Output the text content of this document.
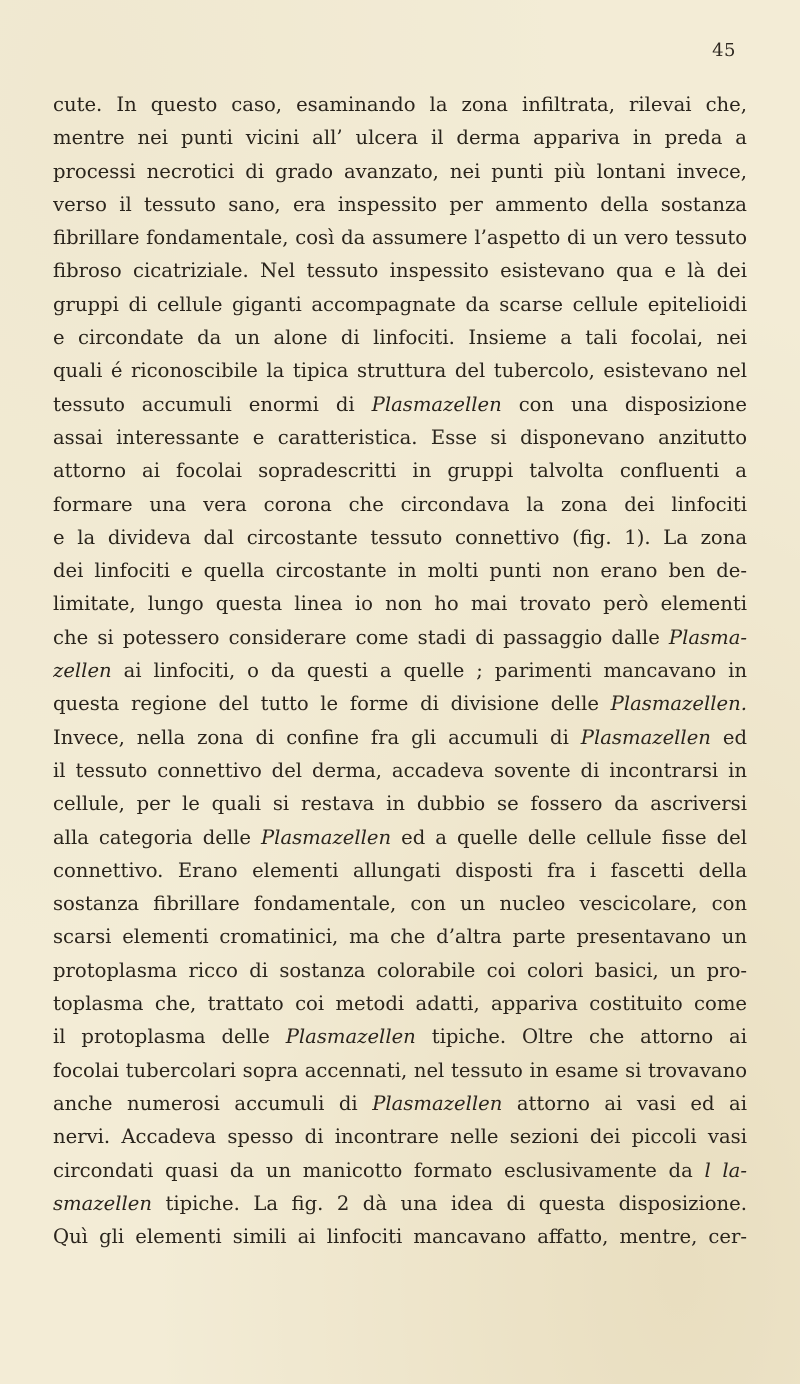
45
cute. In questo caso, esaminando la zona infiltrata, rilevai che,
mentre nei punti vicini all’ ulcera il derma appariva in preda a
processi necrotici di grado avanzato, nei punti più lontani invece,
verso il tessuto sano, era inspessito per ammento della sostanza
fibrillare fondamentale, così da assumere l’aspetto di un vero tessuto
fibroso cicatriziale. Nel tessuto inspessito esistevano qua e là dei
gruppi di cellule giganti accompagnate da scarse cellule epitelioidi
e circondate da un alone di linfociti. Insieme a tali focolai, nei
quali é riconoscibile la tipica struttura del tubercolo, esistevano nel
tessuto accumuli enormi di Plasmazellen con una disposizione
assai interessante e caratteristica. Esse si disponevano anzitutto
attorno ai focolai sopradescritti in gruppi talvolta confluenti a
formare una vera corona che circondava la zona dei linfociti
e la divideva dal circostante tessuto connettivo (fig. 1). La zona
dei linfociti e quella circostante in molti punti non erano ben de-
limitate, lungo questa linea io non ho mai trovato però elementi
che si potessero considerare come stadi di passaggio dalle Plasma-
zellen ai linfociti, o da questi a quelle ; parimenti mancavano in
questa regione del tutto le forme di divisione delle Plasmazellen.
Invece, nella zona di confine fra gli accumuli di Plasmazellen ed
il tessuto connettivo del derma, accadeva sovente di incontrarsi in
cellule, per le quali si restava in dubbio se fossero da ascriversi
alla categoria delle Plasmazellen ed a quelle delle cellule fisse del
connettivo. Erano elementi allungati disposti fra i fascetti della
sostanza fibrillare fondamentale, con un nucleo vescicolare, con
scarsi elementi cromatinici, ma che d’altra parte presentavano un
protoplasma ricco di sostanza colorabile coi colori basici, un pro-
toplasma che, trattato coi metodi adatti, appariva costituito come
il protoplasma delle Plasmazellen tipiche. Oltre che attorno ai
focolai tubercolari sopra accennati, nel tessuto in esame si trovavano
anche numerosi accumuli di Plasmazellen attorno ai vasi ed ai
nervi. Accadeva spesso di incontrare nelle sezioni dei piccoli vasi
circondati quasi da un manicotto formato esclusivamente da l la-
smazellen tipiche. La fig. 2 dà una idea di questa disposizione.
Quì gli elementi simili ai linfociti mancavano affatto, mentre, cer-
